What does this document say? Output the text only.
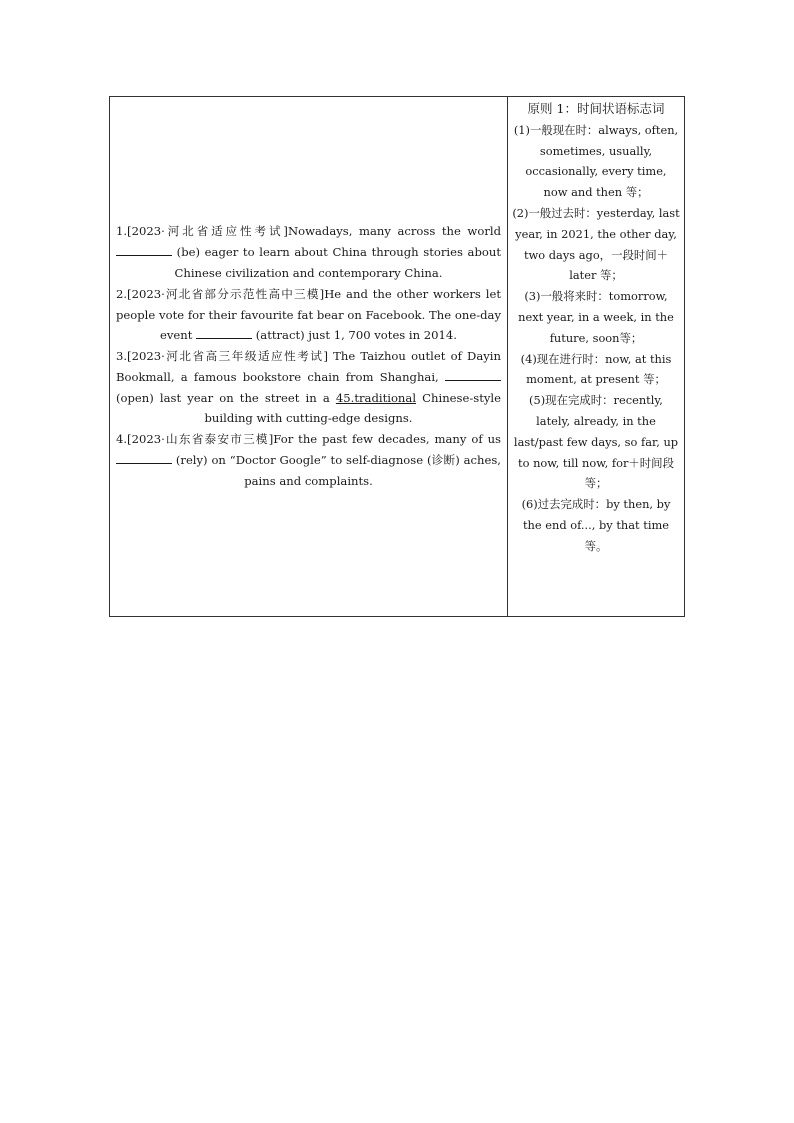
1.[2023·河北省适应性考试]Nowadays, many across the world  (be) eager to learn about China through stories about Chinese civilization and contemporary China.
2.[2023·河北省部分示范性高中三模]He and the other workers let people vote for their favourite fat bear on Facebook. The one-day event	(attract) just 1, 700 votes in 2014.
3.[2023·河北省高三年级适应性考试] The Taizhou outlet of Dayin Bookmall, a famous bookstore chain from Shanghai,  (open) last year on the street in a 45.traditional Chinese-style building with cutting-edge designs.
4.[2023·山东省泰安市三模]For the past few decades, many of us  (rely) on “Doctor Google” to self-diagnose (诊断) aches, pains and complaints.

原则 1：时间状语标志词

(1)一般现在时：always, often, sometimes, usually, occasionally, every time, now and then 等；

(2)一般过去时：yesterday, last year, in 2021, the other day, two days ago，一段时间＋later 等；

(3)一般将来时：tomorrow, next year, in a week, in the future, soon等；

(4)现在进行时：now, at this moment, at present 等；

(5)现在完成时：recently, lately, already, in the last/past few days, so far, up to now, till now, for＋时间段等；

(6)过去完成时：by then, by the end of..., by that time 等。
